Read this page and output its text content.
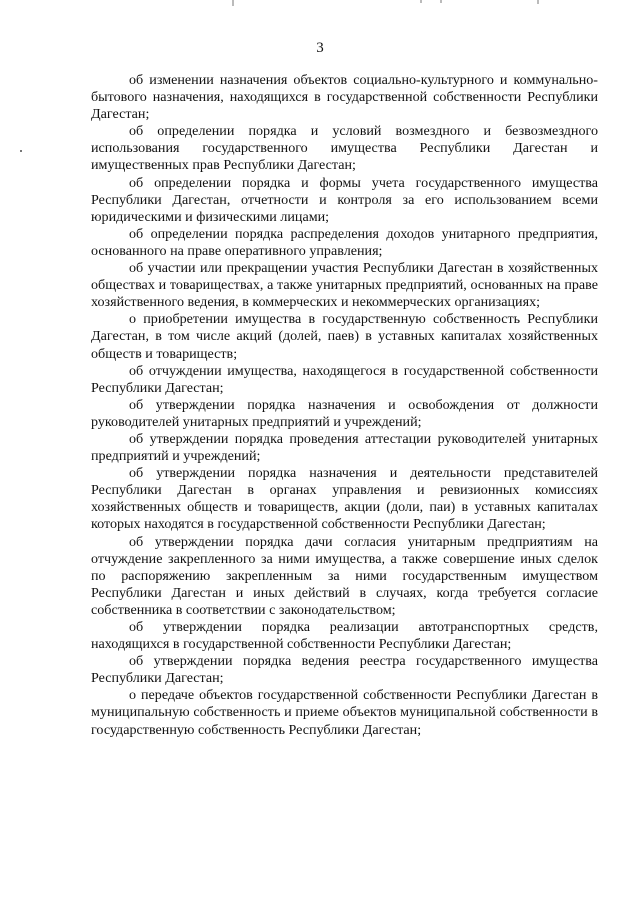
3

об изменении назначения объектов социально-культурного и коммунально-бытового назначения, находящихся в государственной собственности Республики Дагестан;

об определении порядка и условий возмездного и безвозмездного использования государственного имущества Республики Дагестан и имущественных прав Республики Дагестан;

об определении порядка и формы учета государственного имущества Республики Дагестан, отчетности и контроля за его использованием всеми юридическими и физическими лицами;

об определении порядка распределения доходов унитарного предприятия, основанного на праве оперативного управления;

об участии или прекращении участия Республики Дагестан в хозяйственных обществах и товариществах, а также унитарных предприятий, основанных на праве хозяйственного ведения, в коммерческих и некоммерческих организациях;

о приобретении имущества в государственную собственность Республики Дагестан, в том числе акций (долей, паев) в уставных капиталах хозяйственных обществ и товариществ;

об отчуждении имущества, находящегося в государственной собственности Республики Дагестан;

об утверждении порядка назначения и освобождения от должности руководителей унитарных предприятий и учреждений;

об утверждении порядка проведения аттестации руководителей унитарных предприятий и учреждений;

об утверждении порядка назначения и деятельности представителей Республики Дагестан в органах управления и ревизионных комиссиях хозяйственных обществ и товариществ, акции (доли, паи) в уставных капиталах которых находятся в государственной собственности Республики Дагестан;

об утверждении порядка дачи согласия унитарным предприятиям на отчуждение закрепленного за ними имущества, а также совершение иных сделок по распоряжению закрепленным за ними государственным имуществом Республики Дагестан и иных действий в случаях, когда требуется согласие собственника в соответствии с законодательством;

об утверждении порядка реализации автотранспортных средств, находящихся в государственной собственности Республики Дагестан;

об утверждении порядка ведения реестра государственного имущества Республики Дагестан;

о передаче объектов государственной собственности Республики Дагестан в муниципальную собственность и приеме объектов муниципальной собственности в государственную собственность Республики Дагестан;
